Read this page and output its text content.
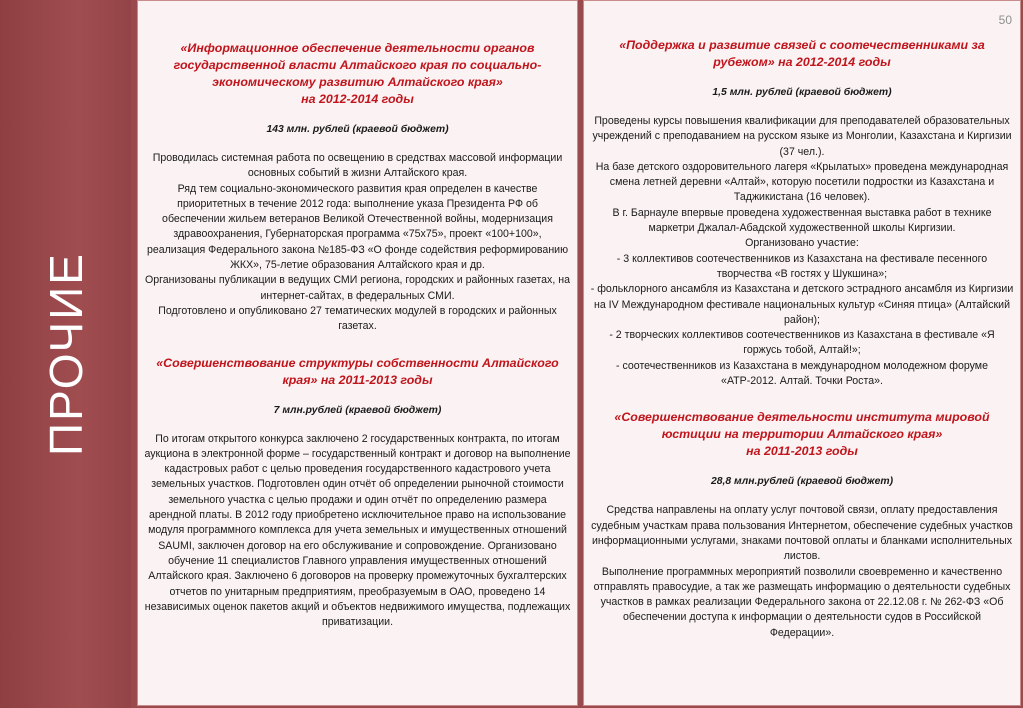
ПРОЧИЕ
«Информационное обеспечение деятельности органов государственной власти Алтайского края по социально-экономическому развитию Алтайского края»
на 2012-2014 годы
143 млн. рублей (краевой бюджет)
Проводилась системная работа по освещению в средствах массовой информации основных событий в жизни Алтайского края.
Ряд тем социально-экономического развития края определен в качестве приоритетных в течение 2012 года: выполнение указа Президента РФ об обеспечении жильем ветеранов Великой Отечественной войны, модернизация здравоохранения, Губернаторская программа «75х75», проект «100+100», реализация Федерального закона №185-ФЗ «О фонде содействия реформированию ЖКХ», 75-летие образования Алтайского края и др.
Организованы публикации в ведущих СМИ региона, городских и районных газетах, на интернет-сайтах, в федеральных СМИ.
Подготовлено и опубликовано 27 тематических модулей в городских и районных газетах.
«Совершенствование структуры собственности Алтайского края» на 2011-2013 годы
7 млн.рублей (краевой бюджет)
По итогам открытого конкурса заключено 2 государственных контракта, по итогам аукциона в электронной форме – государственный контракт и договор на выполнение кадастровых работ с целью проведения государственного кадастрового учета земельных участков. Подготовлен один отчёт об определении рыночной стоимости земельного участка с целью продажи и один отчёт по определению размера арендной платы. В 2012 году приобретено исключительное право на использование модуля программного комплекса для учета земельных и имущественных отношений SAUMI, заключен договор на его обслуживание и сопровождение. Организовано обучение 11 специалистов Главного управления имущественных отношений Алтайского края. Заключено 6 договоров на проверку промежуточных бухгалтерских отчетов по унитарным предприятиям, преобразуемым в ОАО, проведено 14 независимых оценок пакетов акций и объектов недвижимого имущества, подлежащих приватизации.
50
«Поддержка и развитие связей с соотечественниками за рубежом» на 2012-2014 годы
1,5 млн. рублей (краевой бюджет)
Проведены курсы повышения квалификации для преподавателей образовательных учреждений с преподаванием на русском языке из Монголии, Казахстана и Киргизии (37 чел.).
На базе детского оздоровительного лагеря «Крылатых» проведена международная смена летней деревни «Алтай», которую посетили подростки из Казахстана и Таджикистана (16 человек).
В г. Барнауле впервые проведена художественная выставка работ в технике маркетри Джалал-Абадской художественной школы Киргизии.
Организовано участие:
- 3 коллективов соотечественников из Казахстана на фестивале песенного творчества «В гостях у Шукшина»;
- фольклорного ансамбля из Казахстана и детского эстрадного ансамбля из Киргизии на IV Международном фестивале национальных культур «Синяя птица» (Алтайский район);
- 2 творческих коллективов соотечественников из Казахстана в фестивале «Я горжусь тобой, Алтай!»;
- соотечественников из Казахстана в международном молодежном форуме «АТР-2012. Алтай. Точки Роста».
«Совершенствование деятельности института мировой юстиции на территории Алтайского края»
на 2011-2013 годы
28,8 млн.рублей (краевой бюджет)
Средства направлены на оплату услуг почтовой связи, оплату предоставления судебным участкам права пользования Интернетом, обеспечение судебных участков информационными услугами, знаками почтовой оплаты и бланками исполнительных листов.
Выполнение программных мероприятий позволили своевременно и качественно отправлять правосудие, а так же размещать информацию о деятельности судебных участков в рамках реализации Федерального закона от 22.12.08 г. № 262-ФЗ «Об обеспечении доступа к информации о деятельности судов в Российской Федерации».
